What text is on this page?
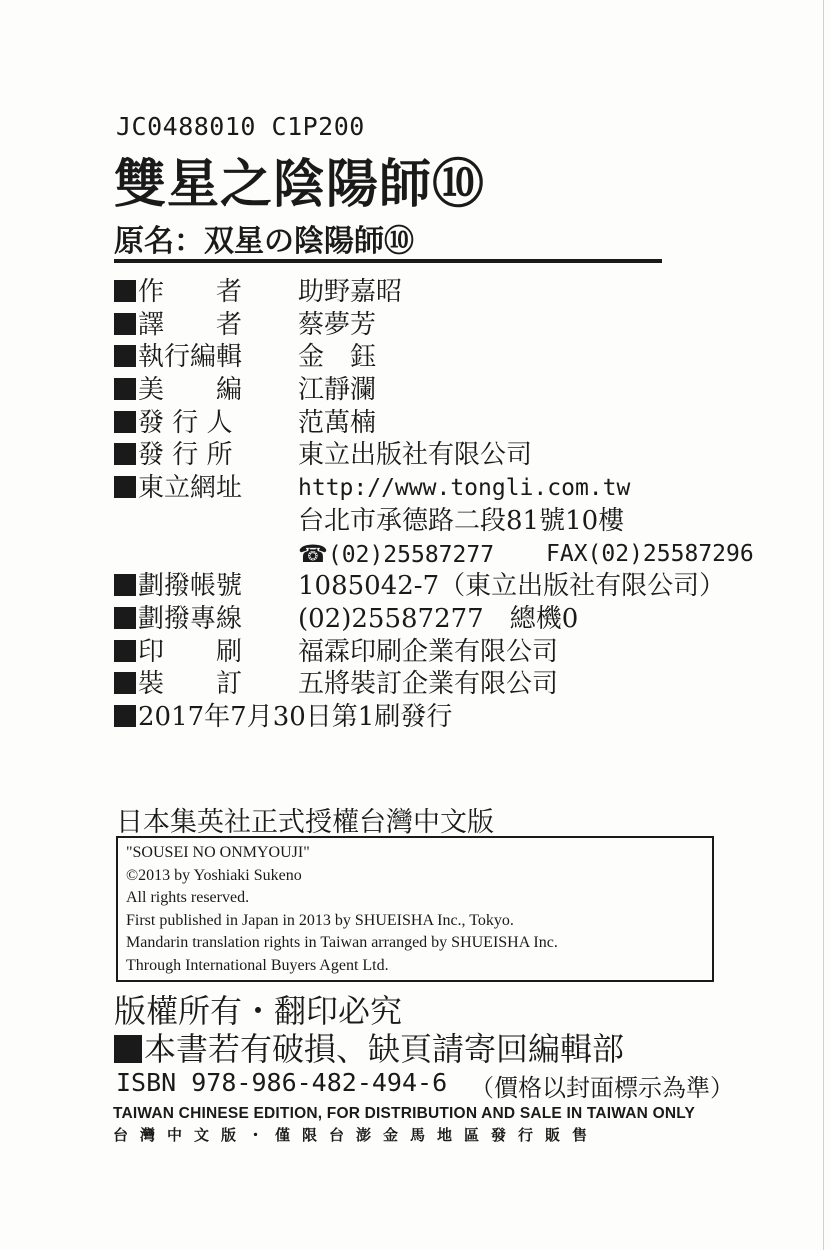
JC0488010 C1P200
雙星之陰陽師⑩
原名：双星の陰陽師⑩
作　　者 助野嘉昭
譯　　者 蔡夢芳
執行編輯 金　鈺
美　　編 江靜瀾
發 行 人	范萬楠
發 行 所	東立出版社有限公司
東立網址 http://www.tongli.com.tw
台北市承德路二段81號10樓
☎(02)25587277 FAX(02)25587296
劃撥帳號 1085042-7（東立出版社有限公司）
劃撥專線 (02)25587277　總機0
印　　刷 福霖印刷企業有限公司
裝　　訂 五將裝訂企業有限公司
2017年7月30日第1刷發行
日本集英社正式授權台灣中文版
"SOUSEI NO ONMYOUJI"
©2013 by Yoshiaki Sukeno
All rights reserved.
First published in Japan in 2013 by SHUEISHA Inc., Tokyo.
Mandarin translation rights in Taiwan arranged by SHUEISHA Inc.
Through International Buyers Agent Ltd.
版權所有・翻印必究
本書若有破損、缺頁請寄回編輯部
ISBN 978-986-482-494-6 （價格以封面標示為準）
TAIWAN CHINESE EDITION, FOR DISTRIBUTION AND SALE IN TAIWAN ONLY
台灣中文版・僅限台澎金馬地區發行販售
